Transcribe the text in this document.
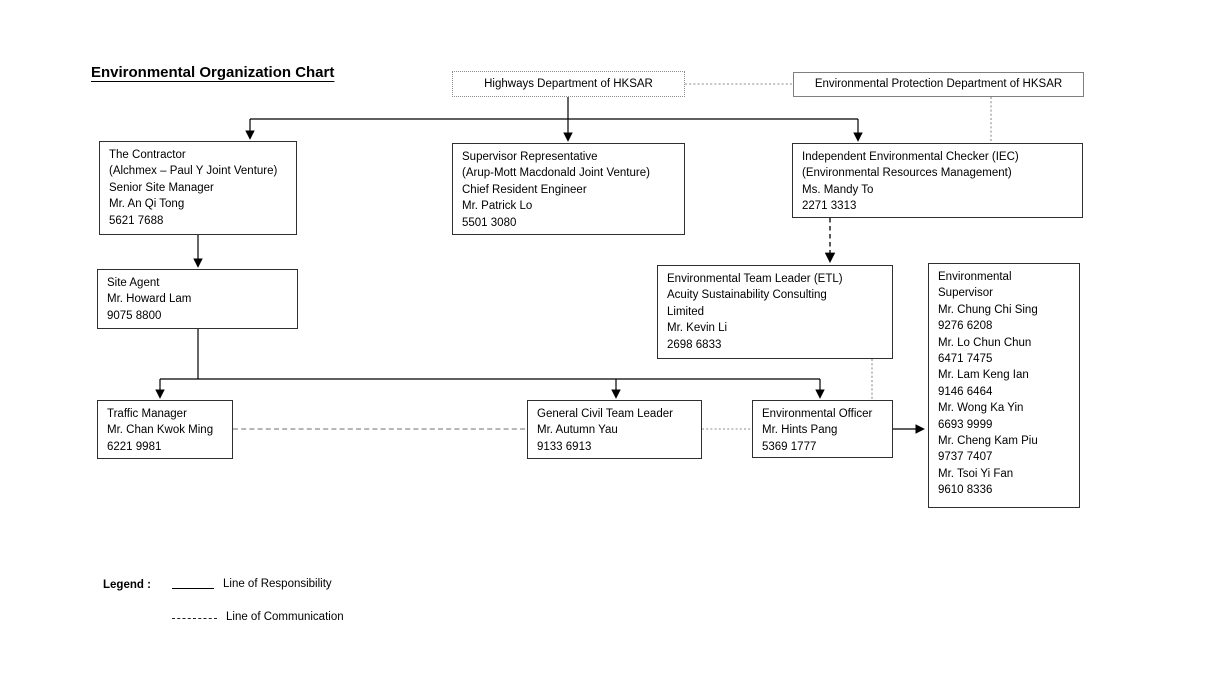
Environmental Organization Chart
Highways Department of HKSAR	Environmental Protection Department of HKSAR
The Contractor
(Alchmex – Paul Y Joint Venture)
Senior Site Manager
Mr. An Qi Tong
5621 7688
Supervisor Representative
(Arup-Mott Macdonald Joint Venture)
Chief Resident Engineer
Mr. Patrick Lo
5501 3080
Independent Environmental Checker (IEC)
(Environmental Resources Management)
Ms. Mandy To
2271 3313
Site Agent
Mr. Howard Lam
9075 8800
Environmental Team Leader (ETL)
Acuity Sustainability Consulting
Limited
Mr. Kevin Li
2698 6833
Environmental
Supervisor
Mr. Chung Chi Sing
9276 6208
Mr. Lo Chun Chun
6471 7475
Mr. Lam Keng Ian
9146 6464
Mr. Wong Ka Yin
6693 9999
Mr. Cheng Kam Piu
9737 7407
Mr. Tsoi Yi Fan
9610 8336
Traffic Manager
Mr. Chan Kwok Ming
6221 9981
General Civil Team Leader
Mr. Autumn Yau
9133 6913
Environmental Officer
Mr. Hints Pang
5369 1777
Legend :	Line of Responsibility
Line of Communication
